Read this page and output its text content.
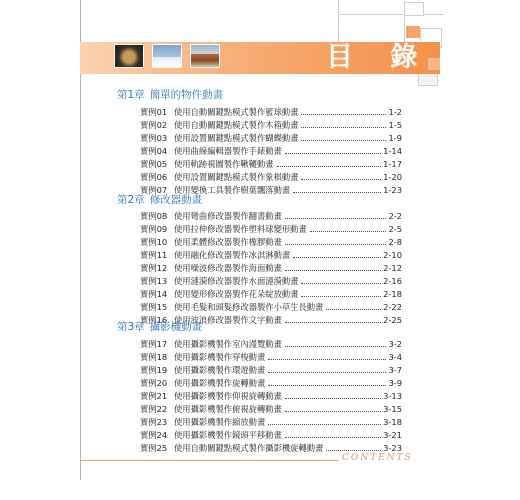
目 錄
第1章 簡單的物件動畫
實例01 使用自動關鍵點模式製作籃球動畫	1-2
實例02 使用自動關鍵點模式製作木箱動畫	1-5
實例03 使用設置關鍵點模式製作蝴蝶動畫	1-9
實例04 使用曲線編輯器製作手錶動畫	1-14
實例05 使用軌跡視圖製作鞦韆動畫	1-17
實例06 使用設置關鍵點模式製作象棋動畫	1-20
實例07 使用變換工具製作樹葉飄落動畫	1-23
第2章 修改器動畫
實例08 使用彎曲修改器製作翻書動畫	2-2
實例09 使用拉伸修改器製作塑料球變形動畫	2-5
實例10 使用柔體修改器製作橡膠動畫	2-8
實例11 使用融化修改器製作冰淇淋動畫	2-10
實例12 使用噪波修改器製作海面動畫	2-12
實例13 使用漣漪修改器製作水面漣漪動畫	2-16
實例14 使用變形修改器製作花朵綻放動畫	2-18
實例15 使用毛髮和頭髮修改器製作小草生長動畫	2-22
實例16 使用波浪修改器製作文字動畫	2-25
第3章 攝影機動畫
實例17 使用攝影機製作室內漫覽動畫	3-2
實例18 使用攝影機製作穿梭動畫	3-4
實例19 使用攝影機製作環遊動畫	3-7
實例20 使用攝影機製作旋轉動畫	3-9
實例21 使用攝影機製作仰視旋轉動畫	3-13
實例22 使用攝影機製作俯視旋轉動畫	3-15
實例23 使用攝影機製作縮放動畫	3-18
實例24 使用攝影機製作鏡頭平移動畫	3-21
實例25 使用自動關鍵點模式製作攝影機旋轉動畫	3-23
CONTENTS
